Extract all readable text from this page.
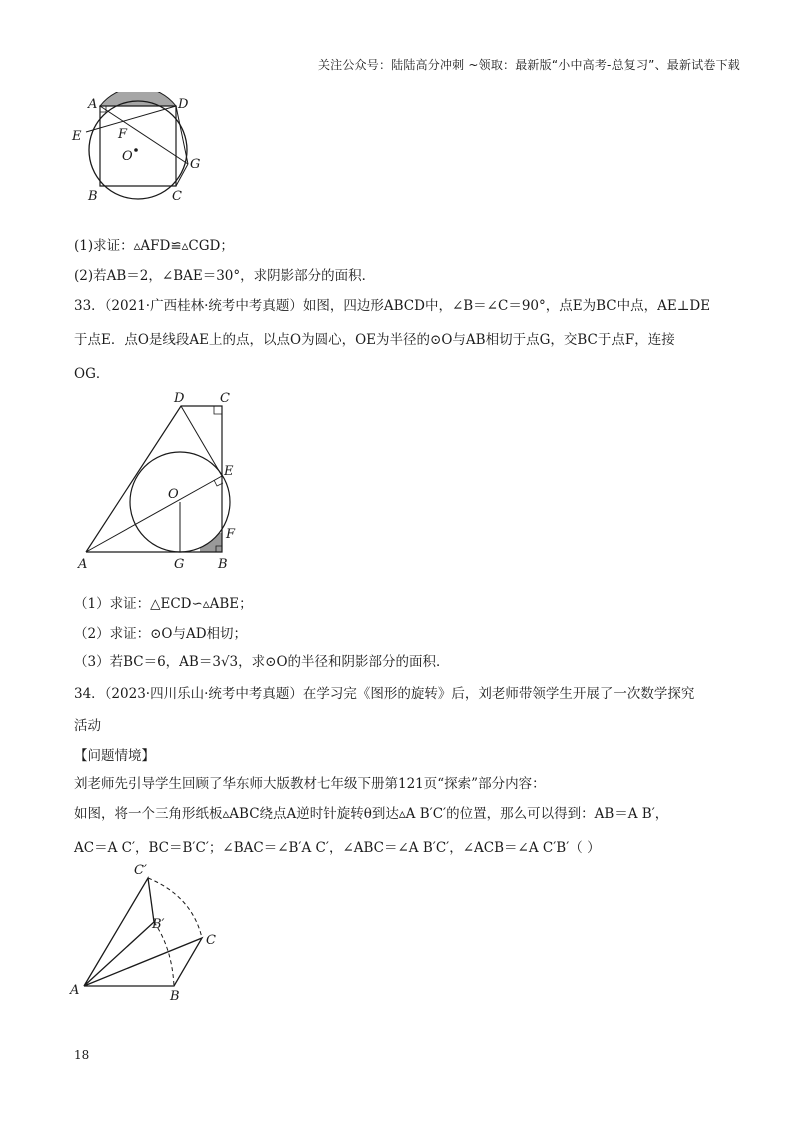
关注公众号：陆陆高分冲刺 ~领取：最新版“小中高考-总复习”、最新试卷下载
A	D
E	F
O
G
B	C
(1)求证：▵AFD≌▵CGD；
(2)若AB＝2，∠BAE＝30°，求阴影部分的面积．
33．（2021·广西桂林·统考中考真题）如图，四边形ABCD中，∠B＝∠C＝90°，点E为BC中点，AE⊥DE
于点E．点O是线段AE上的点，以点O为圆心，OE为半径的⊙O与AB相切于点G，交BC于点F，连接
OG．
D	C
E
O
F
A	G	B
（1）求证：△ECD∽▵ABE；
（2）求证：⊙O与AD相切；
（3）若BC＝6，AB＝3√3，求⊙O的半径和阴影部分的面积．
34．（2023·四川乐山·统考中考真题）在学习完《图形的旋转》后，刘老师带领学生开展了一次数学探究
活动
【问题情境】
刘老师先引导学生回顾了华东师大版教材七年级下册第121页“探索”部分内容：
如图，将一个三角形纸板▵ABC绕点A逆时针旋转θ到达▵A B′C′的位置，那么可以得到：AB＝A B′，
AC＝A C′，BC＝B′C′；∠BAC＝∠B′A C′，∠ABC＝∠A B′C′，∠ACB＝∠A C′B′（ ）
C′
B′
C
A	B
18
